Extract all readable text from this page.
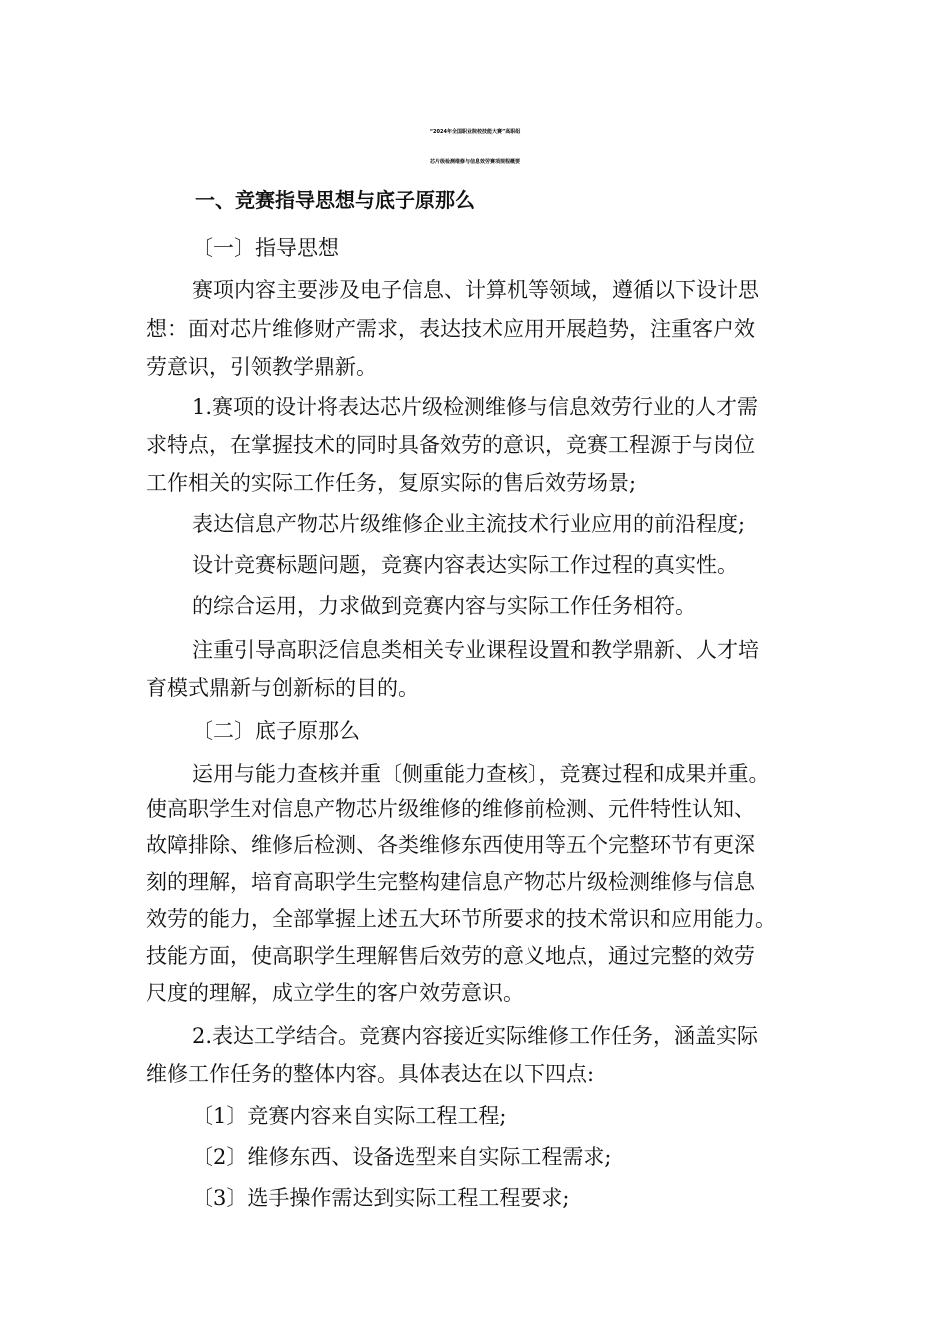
“2024年全国职业院校技能大赛”高职组
芯片级检测维修与信息效劳赛项规程概要
一、竞赛指导思想与底子原那么
〔一〕指导思想
赛项内容主要涉及电子信息、计算机等领域，遵循以下设计思
想：面对芯片维修财产需求，表达技术应用开展趋势，注重客户效
劳意识，引领教学鼎新。
1.赛项的设计将表达芯片级检测维修与信息效劳行业的人才需
求特点，在掌握技术的同时具备效劳的意识，竞赛工程源于与岗位
工作相关的实际工作任务，复原实际的售后效劳场景;
表达信息产物芯片级维修企业主流技术行业应用的前沿程度;
设计竞赛标题问题，竞赛内容表达实际工作过程的真实性。
的综合运用，力求做到竞赛内容与实际工作任务相符。
注重引导高职泛信息类相关专业课程设置和教学鼎新、人才培
育模式鼎新与创新标的目的。
〔二〕底子原那么
运用与能力查核并重〔侧重能力查核〕，竞赛过程和成果并重。
使高职学生对信息产物芯片级维修的维修前检测、元件特性认知、
故障排除、维修后检测、各类维修东西使用等五个完整环节有更深
刻的理解，培育高职学生完整构建信息产物芯片级检测维修与信息
效劳的能力，全部掌握上述五大环节所要求的技术常识和应用能力。
技能方面，使高职学生理解售后效劳的意义地点，通过完整的效劳
尺度的理解，成立学生的客户效劳意识。
2.表达工学结合。竞赛内容接近实际维修工作任务，涵盖实际
维修工作任务的整体内容。具体表达在以下四点:
〔1〕竞赛内容来自实际工程工程;
〔2〕维修东西、设备选型来自实际工程需求;
〔3〕选手操作需达到实际工程工程要求;
